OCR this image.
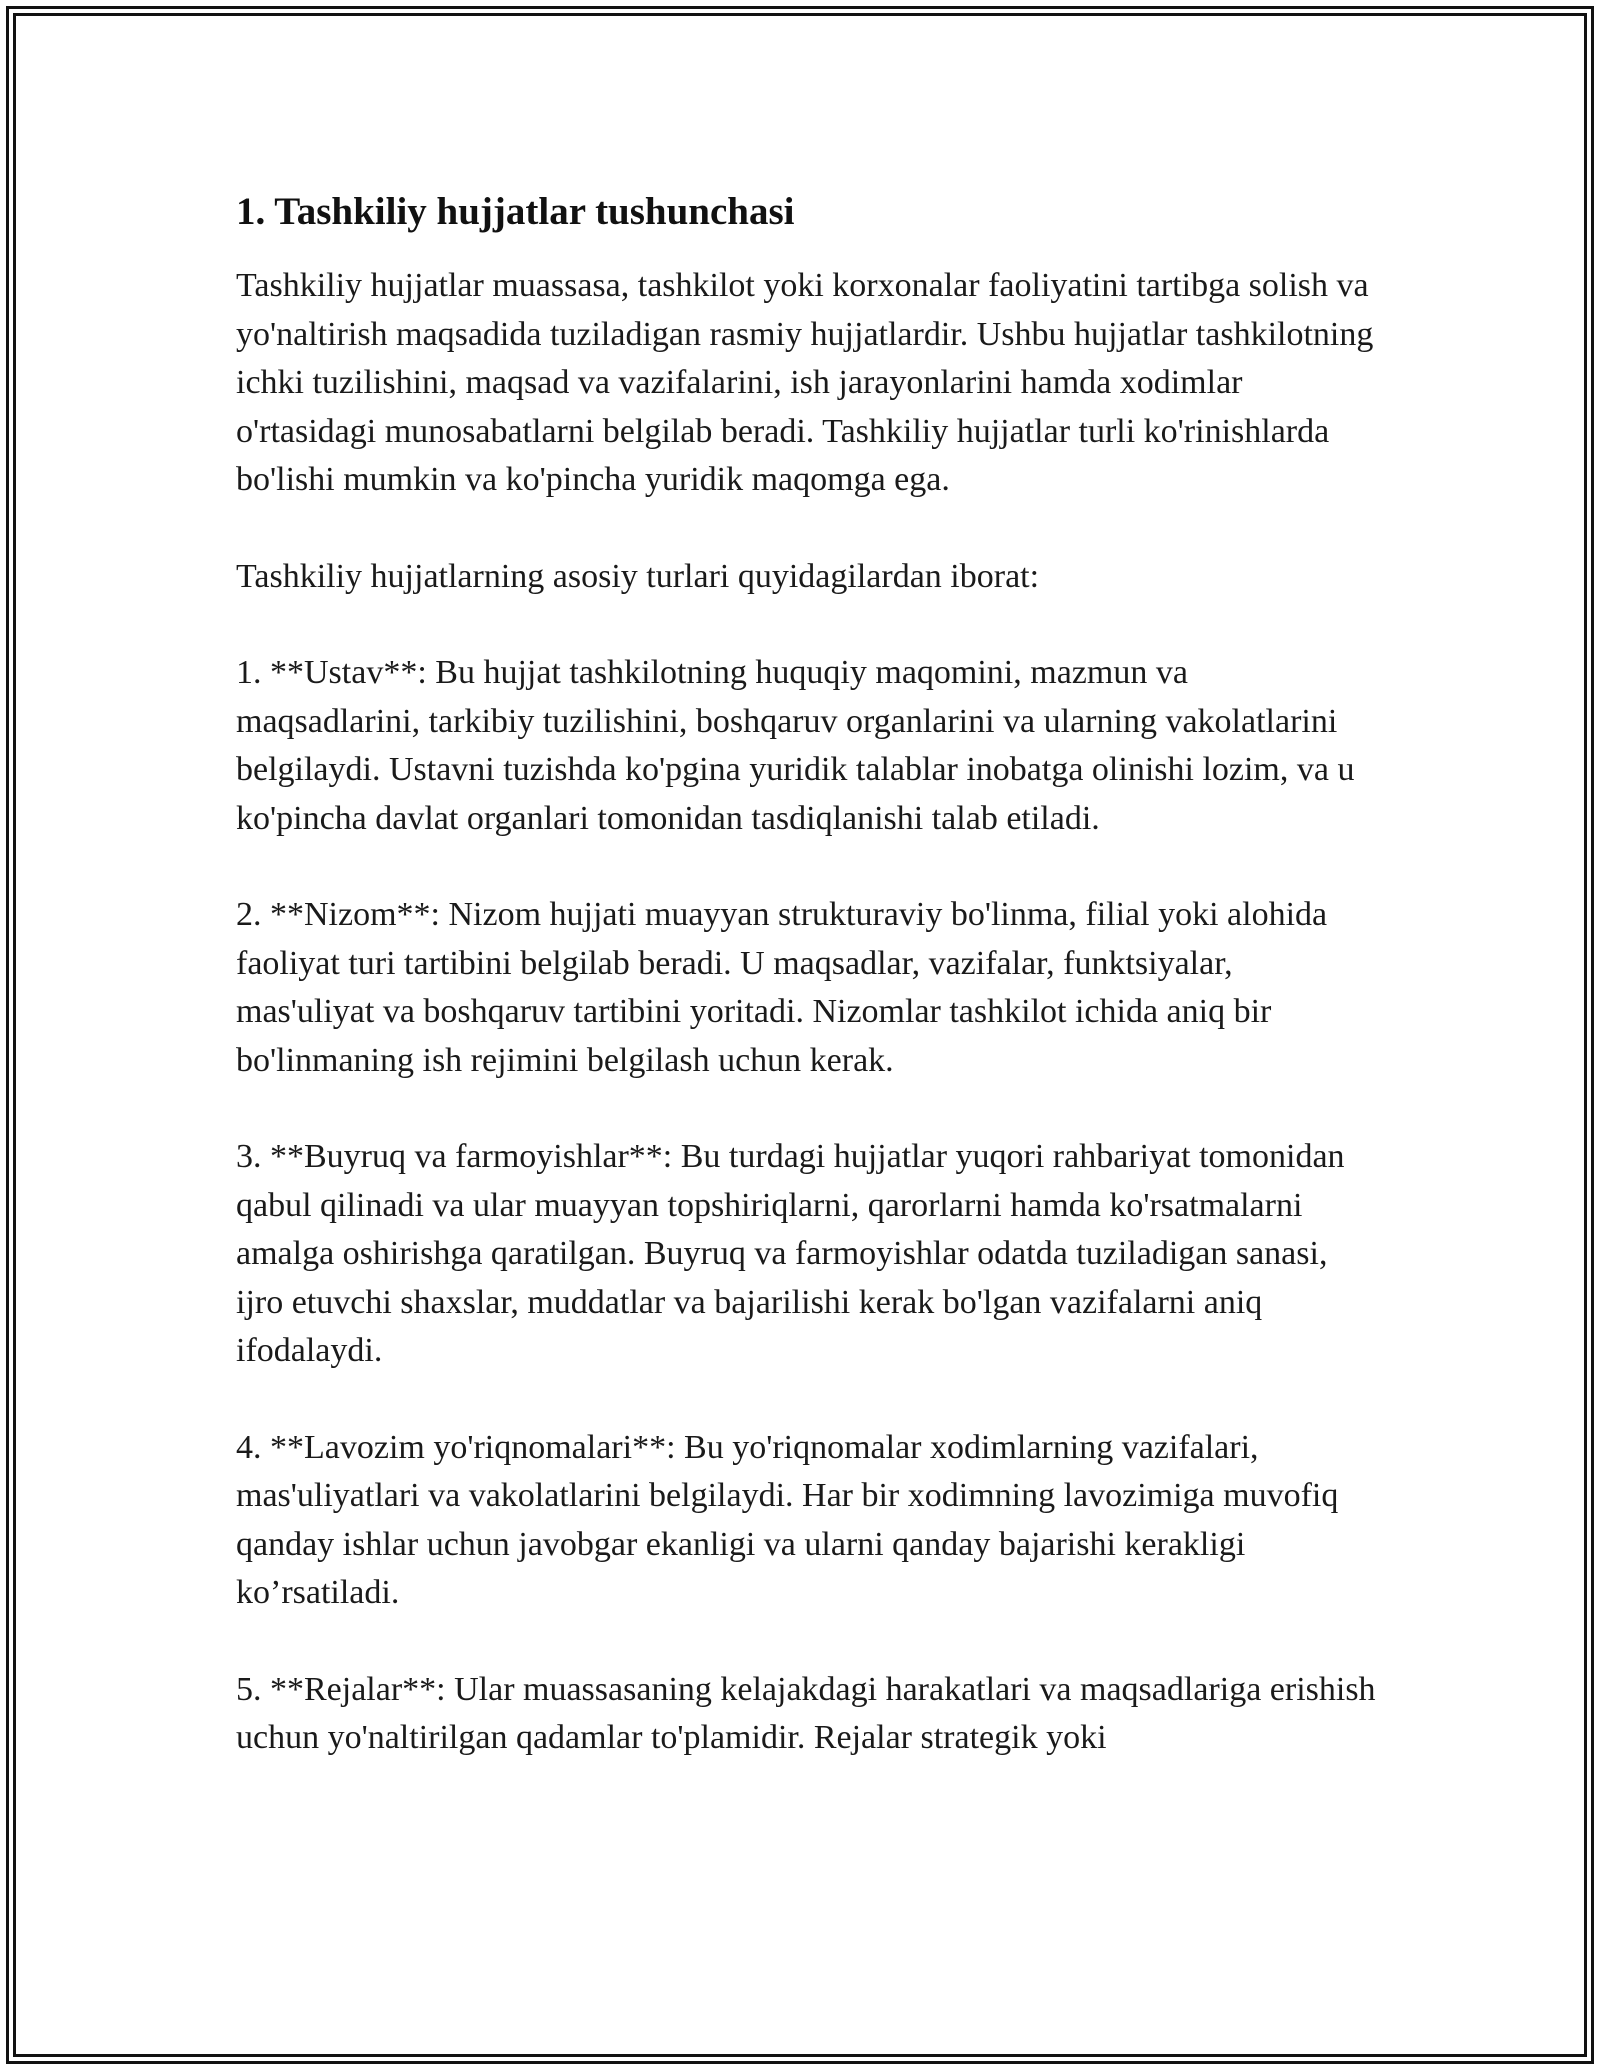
1. Tashkiliy hujjatlar tushunchasi

Tashkiliy hujjatlar muassasa, tashkilot yoki korxonalar faoliyatini tartibga solish va yo'naltirish maqsadida tuziladigan rasmiy hujjatlardir. Ushbu hujjatlar tashkilotning ichki tuzilishini, maqsad va vazifalarini, ish jarayonlarini hamda xodimlar o'rtasidagi munosabatlarni belgilab beradi. Tashkiliy hujjatlar turli ko'rinishlarda bo'lishi mumkin va ko'pincha yuridik maqomga ega.

Tashkiliy hujjatlarning asosiy turlari quyidagilardan iborat:

1. **Ustav**: Bu hujjat tashkilotning huquqiy maqomini, mazmun va maqsadlarini, tarkibiy tuzilishini, boshqaruv organlarini va ularning vakolatlarini belgilaydi. Ustavni tuzishda ko'pgina yuridik talablar inobatga olinishi lozim, va u ko'pincha davlat organlari tomonidan tasdiqlanishi talab etiladi.

2. **Nizom**: Nizom hujjati muayyan strukturaviy bo'linma, filial yoki alohida faoliyat turi tartibini belgilab beradi. U maqsadlar, vazifalar, funktsiyalar, mas'uliyat va boshqaruv tartibini yoritadi. Nizomlar tashkilot ichida aniq bir bo'linmaning ish rejimini belgilash uchun kerak.

3. **Buyruq va farmoyishlar**: Bu turdagi hujjatlar yuqori rahbariyat tomonidan qabul qilinadi va ular muayyan topshiriqlarni, qarorlarni hamda ko'rsatmalarni amalga oshirishga qaratilgan. Buyruq va farmoyishlar odatda tuziladigan sanasi, ijro etuvchi shaxslar, muddatlar va bajarilishi kerak bo'lgan vazifalarni aniq ifodalaydi.

4. **Lavozim yo'riqnomalari**: Bu yo'riqnomalar xodimlarning vazifalari, mas'uliyatlari va vakolatlarini belgilaydi. Har bir xodimning lavozimiga muvofiq qanday ishlar uchun javobgar ekanligi va ularni qanday bajarishi kerakligi ko’rsatiladi.

5. **Rejalar**: Ular muassasaning kelajakdagi harakatlari va maqsadlariga erishish uchun yo'naltirilgan qadamlar to'plamidir. Rejalar strategik yoki
